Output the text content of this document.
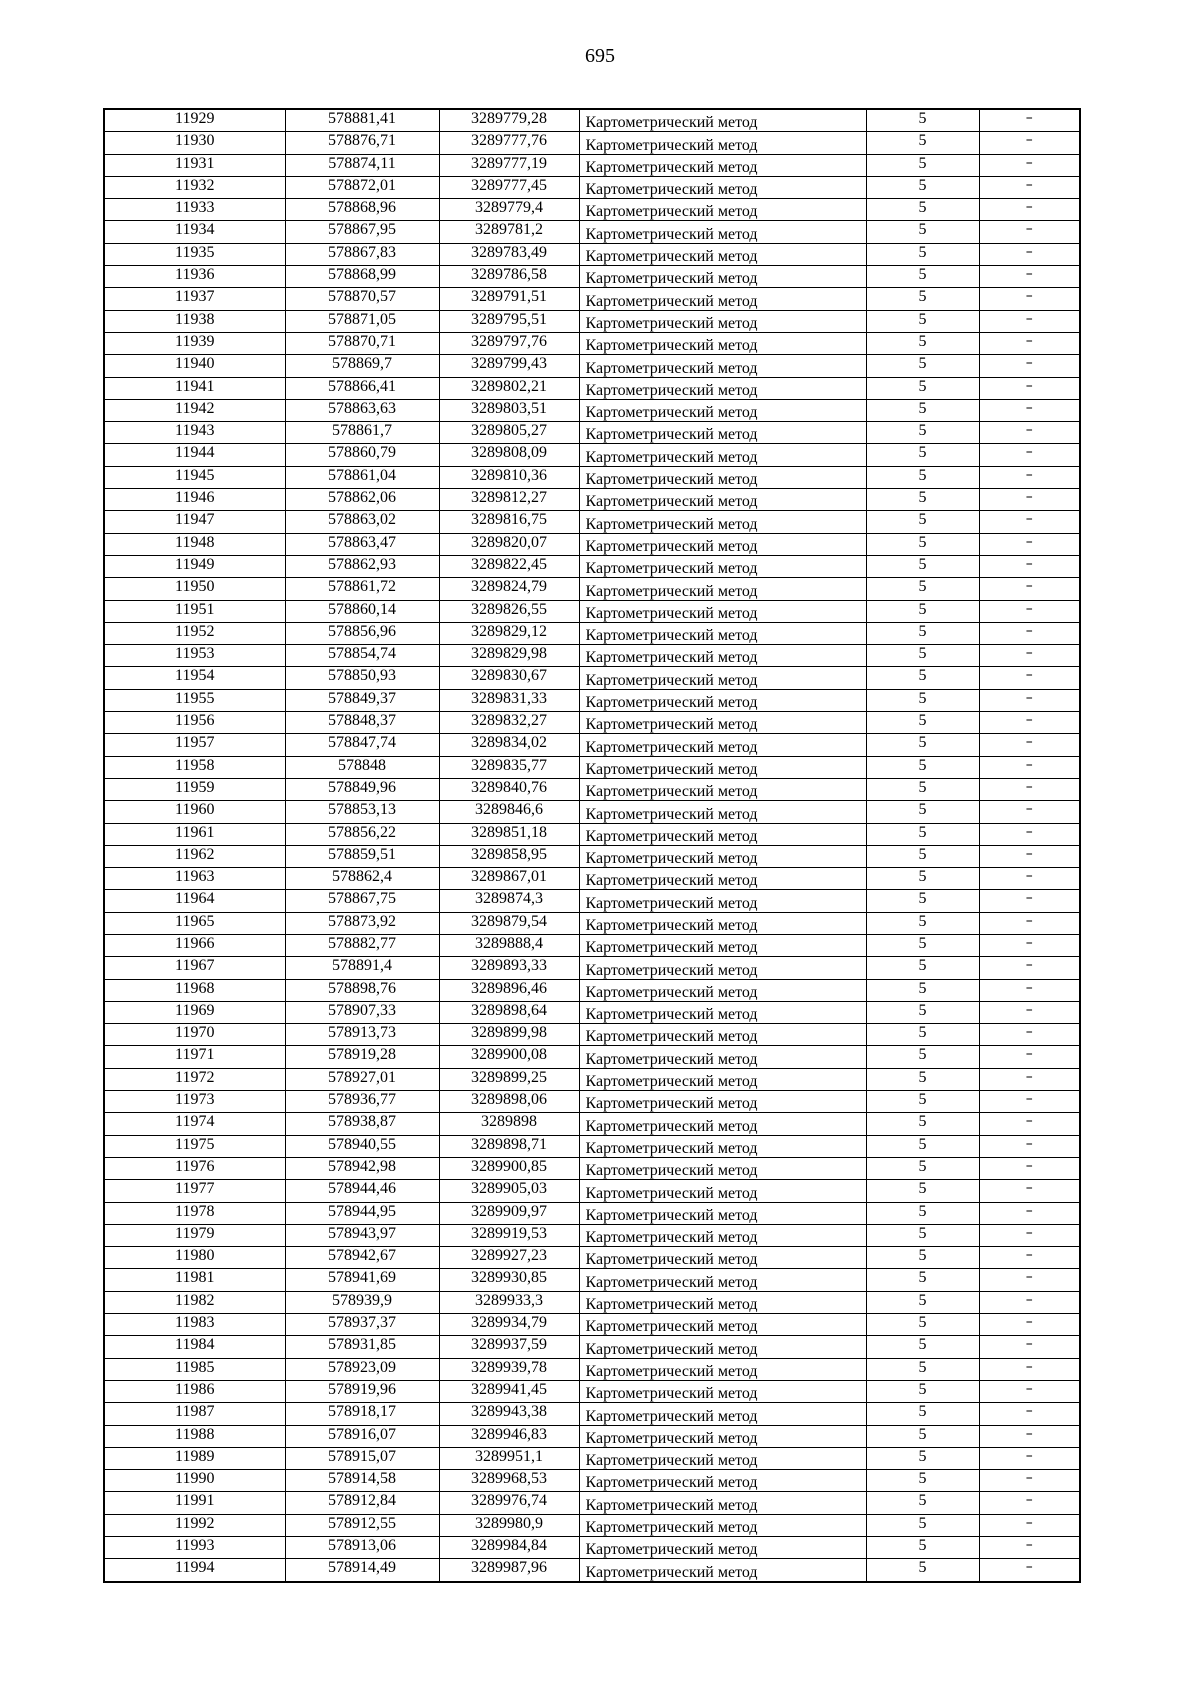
695
11929	578881,41	3289779,28	Картометрический метод	5	–
11930	578876,71	3289777,76	Картометрический метод	5	–
11931	578874,11	3289777,19	Картометрический метод	5	–
11932	578872,01	3289777,45	Картометрический метод	5	–
11933	578868,96	3289779,4	Картометрический метод	5	–
11934	578867,95	3289781,2	Картометрический метод	5	–
11935	578867,83	3289783,49	Картометрический метод	5	–
11936	578868,99	3289786,58	Картометрический метод	5	–
11937	578870,57	3289791,51	Картометрический метод	5	–
11938	578871,05	3289795,51	Картометрический метод	5	–
11939	578870,71	3289797,76	Картометрический метод	5	–
11940	578869,7	3289799,43	Картометрический метод	5	–
11941	578866,41	3289802,21	Картометрический метод	5	–
11942	578863,63	3289803,51	Картометрический метод	5	–
11943	578861,7	3289805,27	Картометрический метод	5	–
11944	578860,79	3289808,09	Картометрический метод	5	–
11945	578861,04	3289810,36	Картометрический метод	5	–
11946	578862,06	3289812,27	Картометрический метод	5	–
11947	578863,02	3289816,75	Картометрический метод	5	–
11948	578863,47	3289820,07	Картометрический метод	5	–
11949	578862,93	3289822,45	Картометрический метод	5	–
11950	578861,72	3289824,79	Картометрический метод	5	–
11951	578860,14	3289826,55	Картометрический метод	5	–
11952	578856,96	3289829,12	Картометрический метод	5	–
11953	578854,74	3289829,98	Картометрический метод	5	–
11954	578850,93	3289830,67	Картометрический метод	5	–
11955	578849,37	3289831,33	Картометрический метод	5	–
11956	578848,37	3289832,27	Картометрический метод	5	–
11957	578847,74	3289834,02	Картометрический метод	5	–
11958	578848	3289835,77	Картометрический метод	5	–
11959	578849,96	3289840,76	Картометрический метод	5	–
11960	578853,13	3289846,6	Картометрический метод	5	–
11961	578856,22	3289851,18	Картометрический метод	5	–
11962	578859,51	3289858,95	Картометрический метод	5	–
11963	578862,4	3289867,01	Картометрический метод	5	–
11964	578867,75	3289874,3	Картометрический метод	5	–
11965	578873,92	3289879,54	Картометрический метод	5	–
11966	578882,77	3289888,4	Картометрический метод	5	–
11967	578891,4	3289893,33	Картометрический метод	5	–
11968	578898,76	3289896,46	Картометрический метод	5	–
11969	578907,33	3289898,64	Картометрический метод	5	–
11970	578913,73	3289899,98	Картометрический метод	5	–
11971	578919,28	3289900,08	Картометрический метод	5	–
11972	578927,01	3289899,25	Картометрический метод	5	–
11973	578936,77	3289898,06	Картометрический метод	5	–
11974	578938,87	3289898	Картометрический метод	5	–
11975	578940,55	3289898,71	Картометрический метод	5	–
11976	578942,98	3289900,85	Картометрический метод	5	–
11977	578944,46	3289905,03	Картометрический метод	5	–
11978	578944,95	3289909,97	Картометрический метод	5	–
11979	578943,97	3289919,53	Картометрический метод	5	–
11980	578942,67	3289927,23	Картометрический метод	5	–
11981	578941,69	3289930,85	Картометрический метод	5	–
11982	578939,9	3289933,3	Картометрический метод	5	–
11983	578937,37	3289934,79	Картометрический метод	5	–
11984	578931,85	3289937,59	Картометрический метод	5	–
11985	578923,09	3289939,78	Картометрический метод	5	–
11986	578919,96	3289941,45	Картометрический метод	5	–
11987	578918,17	3289943,38	Картометрический метод	5	–
11988	578916,07	3289946,83	Картометрический метод	5	–
11989	578915,07	3289951,1	Картометрический метод	5	–
11990	578914,58	3289968,53	Картометрический метод	5	–
11991	578912,84	3289976,74	Картометрический метод	5	–
11992	578912,55	3289980,9	Картометрический метод	5	–
11993	578913,06	3289984,84	Картометрический метод	5	–
11994	578914,49	3289987,96	Картометрический метод	5	–
